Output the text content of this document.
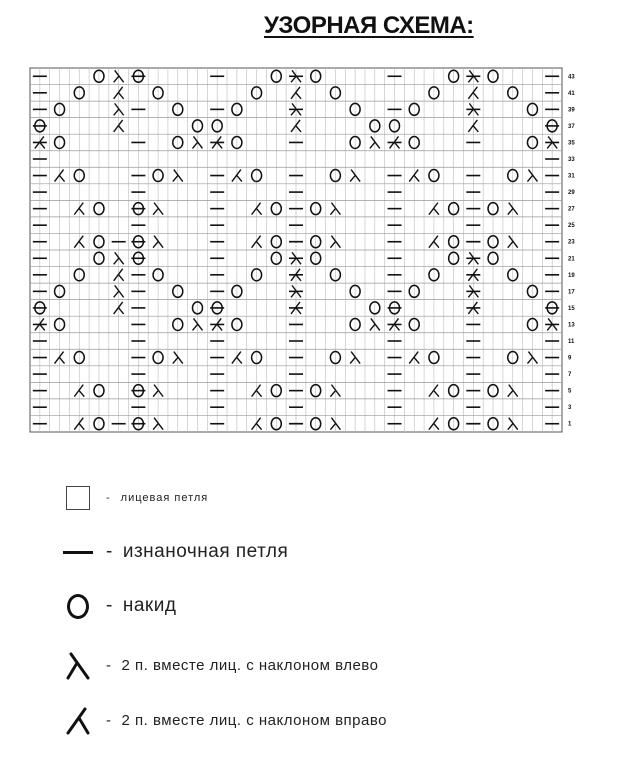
УЗОРНАЯ СХЕМА:
43
41
39
37
35
33
31
29
27
25
23
21
19
17
15
13
11
9
7
5
3
1
- лицевая петля
- изнаночная петля
- накид
- 2 п. вместе лиц. с наклоном влево
- 2 п. вместе лиц. с наклоном вправо
